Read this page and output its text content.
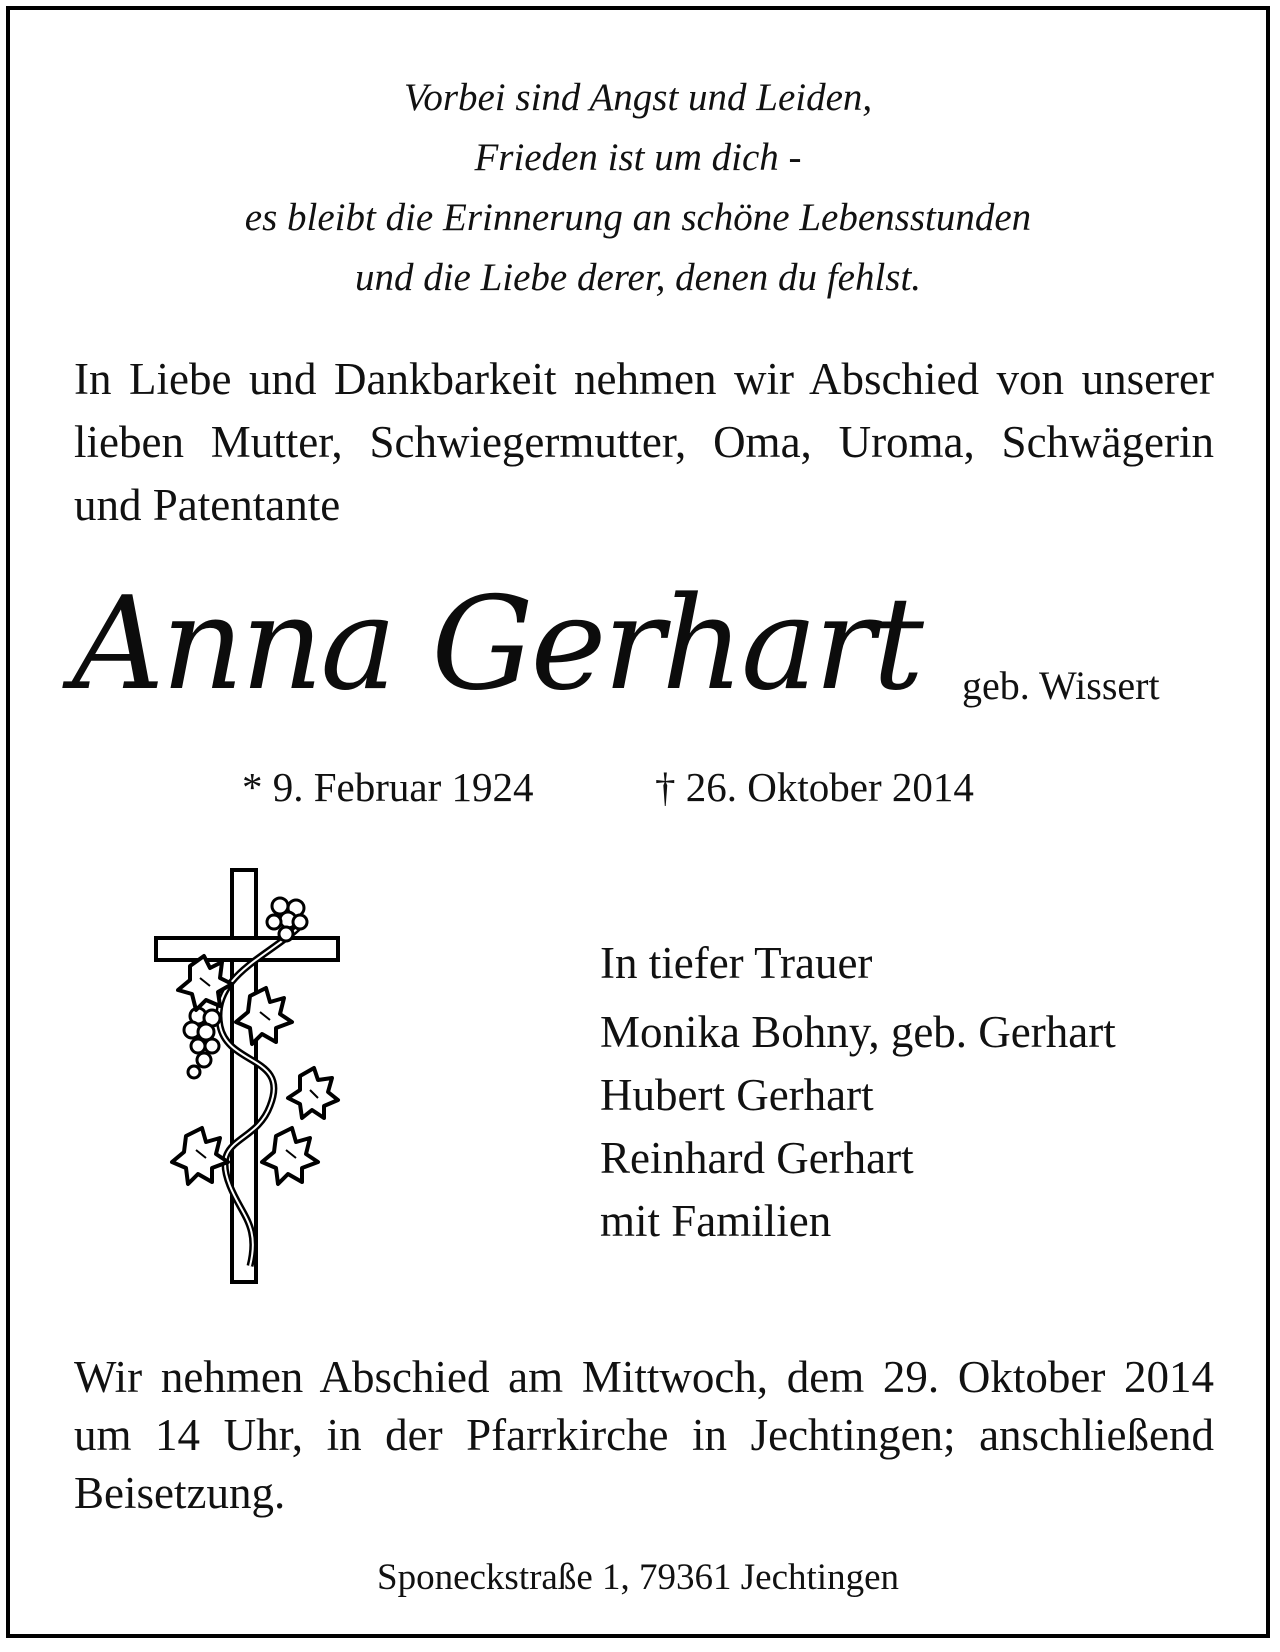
Vorbei sind Angst und Leiden,
Frieden ist um dich -
es bleibt die Erinnerung an schöne Lebensstunden
und die Liebe derer, denen du fehlst.
In Liebe und Dankbarkeit nehmen wir Abschied von unserer lieben Mutter, Schwiegermutter, Oma, Uroma, Schwägerin und Patentante
Anna Gerhart geb. Wissert
* 9. Februar 1924	† 26. Oktober 2014
In tiefer Trauer
Monika Bohny, geb. Gerhart
Hubert Gerhart
Reinhard Gerhart
mit Familien
Wir nehmen Abschied am Mittwoch, dem 29. Oktober 2014 um 14 Uhr, in der Pfarrkirche in Jechtingen; anschließend Beisetzung.
Sponeckstraße 1, 79361 Jechtingen
